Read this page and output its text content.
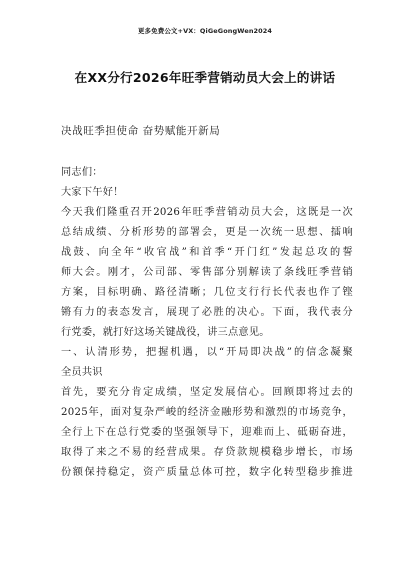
更多免费公文+VX：QiGeGongWen2024
在XX分行2026年旺季营销动员大会上的讲话
决战旺季担使命 奋势赋能开新局
同志们：
大家下午好！
今天我们隆重召开2026年旺季营销动员大会，这既是一次
总结成绩、分析形势的部署会，更是一次统一思想、擂响
战鼓、向全年“收官战”和首季“开门红”发起总攻的誓
师大会。刚才，公司部、零售部分别解读了条线旺季营销
方案，目标明确、路径清晰；几位支行行长代表也作了铿
锵有力的表态发言，展现了必胜的决心。下面，我代表分
行党委，就打好这场关键战役，讲三点意见。
一、认清形势，把握机遇，以“开局即决战”的信念凝聚
全员共识
首先，要充分肯定成绩，坚定发展信心。回顾即将过去的
2025年，面对复杂严峻的经济金融形势和激烈的市场竞争，
全行上下在总行党委的坚强领导下，迎难而上、砥砺奋进，
取得了来之不易的经营成果。存贷款规模稳步增长，市场
份额保持稳定，资产质量总体可控，数字化转型稳步推进
